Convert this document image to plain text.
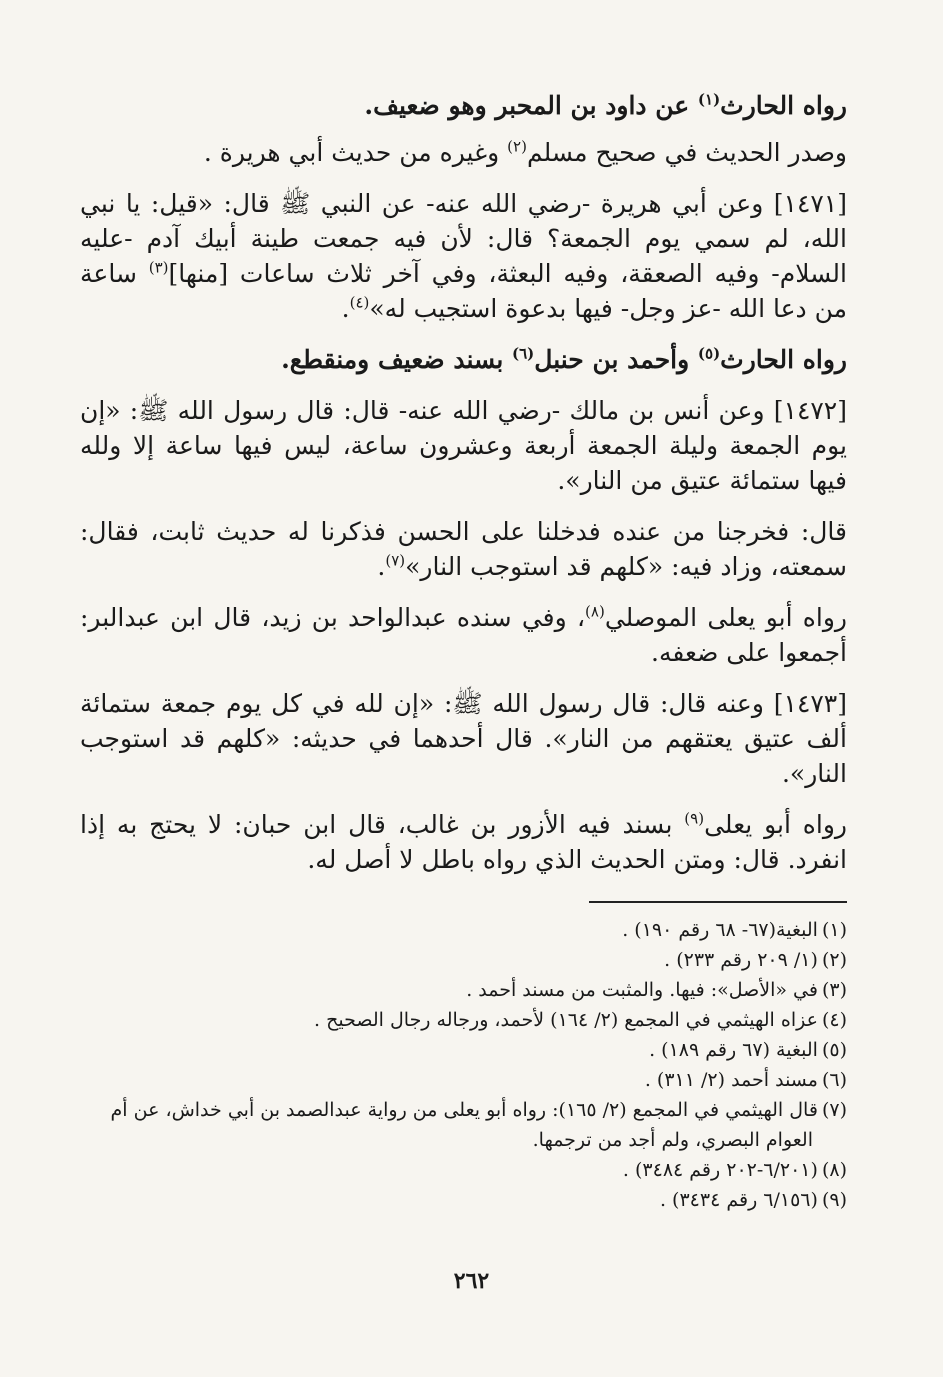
رواه الحارث$^{(١)}$ عن داود بن المحبر وهو ضعيف.

وصدر الحديث في صحيح مسلم$^{(٢)}$ وغيره من حديث أبي هريرة .

[١٤٧١] وعن أبي هريرة -رضي الله عنه- عن النبي ﷺ قال: «قيل: يا نبي الله، لم سمي يوم الجمعة؟ قال: لأن فيه جمعت طينة أبيك آدم -عليه السلام- وفيه الصعقة، وفيه البعثة، وفي آخر ثلاث ساعات [منها]$^{(٣)}$ ساعة من دعا الله -عز وجل- فيها بدعوة استجيب له»$^{(٤)}$.

رواه الحارث$^{(٥)}$ وأحمد بن حنبل$^{(٦)}$ بسند ضعيف ومنقطع.

[١٤٧٢] وعن أنس بن مالك -رضي الله عنه- قال: قال رسول الله ﷺ: «إن يوم الجمعة وليلة الجمعة أربعة وعشرون ساعة، ليس فيها ساعة إلا ولله فيها ستمائة عتيق من النار».

قال: فخرجنا من عنده فدخلنا على الحسن فذكرنا له حديث ثابت، فقال: سمعته، وزاد فيه: «كلهم قد استوجب النار»$^{(٧)}$.

رواه أبو يعلى الموصلي$^{(٨)}$، وفي سنده عبدالواحد بن زيد، قال ابن عبدالبر: أجمعوا على ضعفه.

[١٤٧٣] وعنه قال: قال رسول الله ﷺ: «إن لله في كل يوم جمعة ستمائة ألف عتيق يعتقهم من النار». قال أحدهما في حديثه: «كلهم قد استوجب النار».

رواه أبو يعلى$^{(٩)}$ بسند فيه الأزور بن غالب، قال ابن حبان: لا يحتج به إذا انفرد. قال: ومتن الحديث الذي رواه باطل لا أصل له.

(١)البغية(٦٧- ٦٨ رقم ١٩٠) .

(٢)(١/ ٢٠٩ رقم ٢٣٣) .

(٣)في «الأصل»: فيها. والمثبت من مسند أحمد .

(٤)عزاه الهيثمي في المجمع (٢/ ١٦٤) لأحمد، ورجاله رجال الصحيح .

(٥)البغية (٦٧ رقم ١٨٩) .

(٦)مسند أحمد (٢/ ٣١١) .

(٧)قال الهيثمي في المجمع (٢/ ١٦٥): رواه أبو يعلى من رواية عبدالصمد بن أبي خداش، عن أم

العوام البصري، ولم أجد من ترجمها.

(٨)(٦/٢٠١-٢٠٢ رقم ٣٤٨٤) .

(٩)(٦/١٥٦ رقم ٣٤٣٤) .

٢٦٢
